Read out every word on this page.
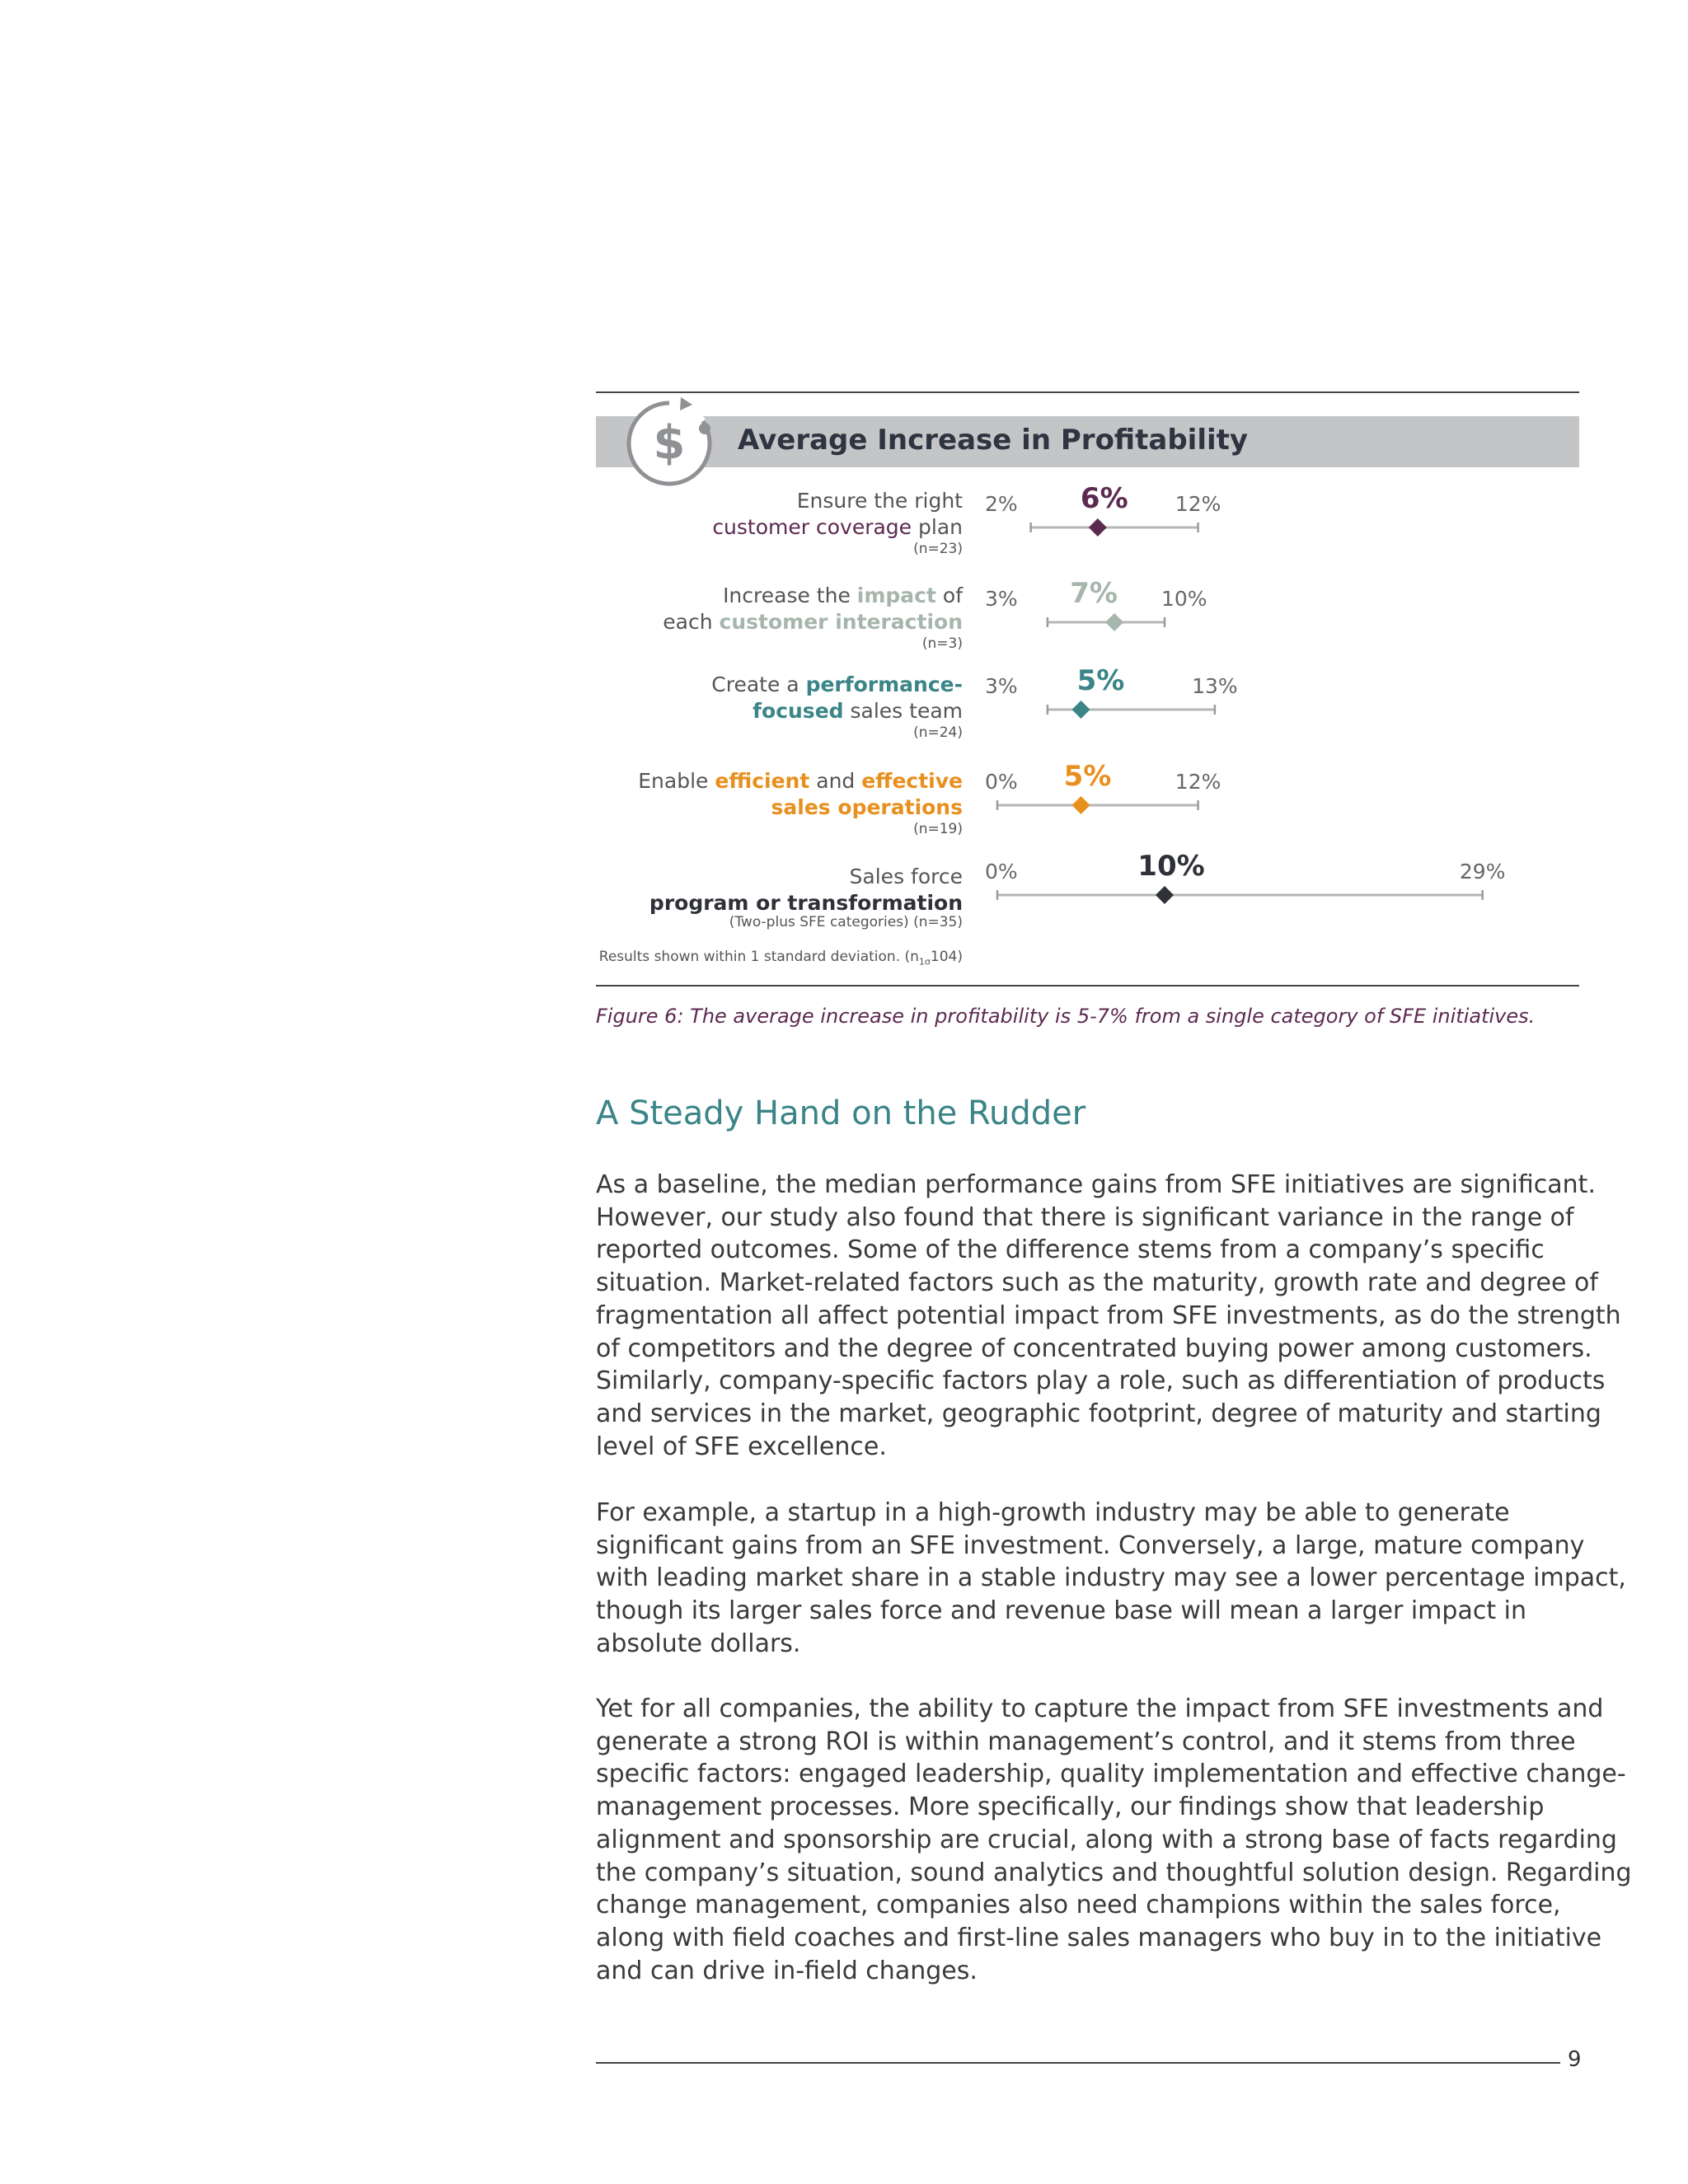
Average Increase in Profitability
$
Ensure the right
customer coverage plan
(n=23)
Increase the impact of
each customer interaction
(n=3)
Create a performance-
focused sales team
(n=24)
Enable efficient and effective
sales operations
(n=19)
Sales force
program or transformation
(Two-plus SFE categories) (n=35)
2%	12%
6%
3%	10%
7%
3%	13%
5%
0%	12%
5%
0%	29%
10%
Results shown within 1 standard deviation. $(n_{1\sigma}104)$
Figure 6: The average increase in profitability is 5-7% from a single category of SFE initiatives.
A Steady Hand on the Rudder
As a baseline, the median performance gains from SFE initiatives are significant.
However, our study also found that there is significant variance in the range of
reported outcomes. Some of the difference stems from a company’s specific
situation. Market-related factors such as the maturity, growth rate and degree of
fragmentation all affect potential impact from SFE investments, as do the strength
of competitors and the degree of concentrated buying power among customers.
Similarly, company-specific factors play a role, such as differentiation of products
and services in the market, geographic footprint, degree of maturity and starting
level of SFE excellence.
For example, a startup in a high-growth industry may be able to generate
significant gains from an SFE investment. Conversely, a large, mature company
with leading market share in a stable industry may see a lower percentage impact,
though its larger sales force and revenue base will mean a larger impact in
absolute dollars.
Yet for all companies, the ability to capture the impact from SFE investments and
generate a strong ROI is within management’s control, and it stems from three
specific factors: engaged leadership, quality implementation and effective change-
management processes. More specifically, our findings show that leadership
alignment and sponsorship are crucial, along with a strong base of facts regarding
the company’s situation, sound analytics and thoughtful solution design. Regarding
change management, companies also need champions within the sales force,
along with field coaches and first-line sales managers who buy in to the initiative
and can drive in-field changes.
9
